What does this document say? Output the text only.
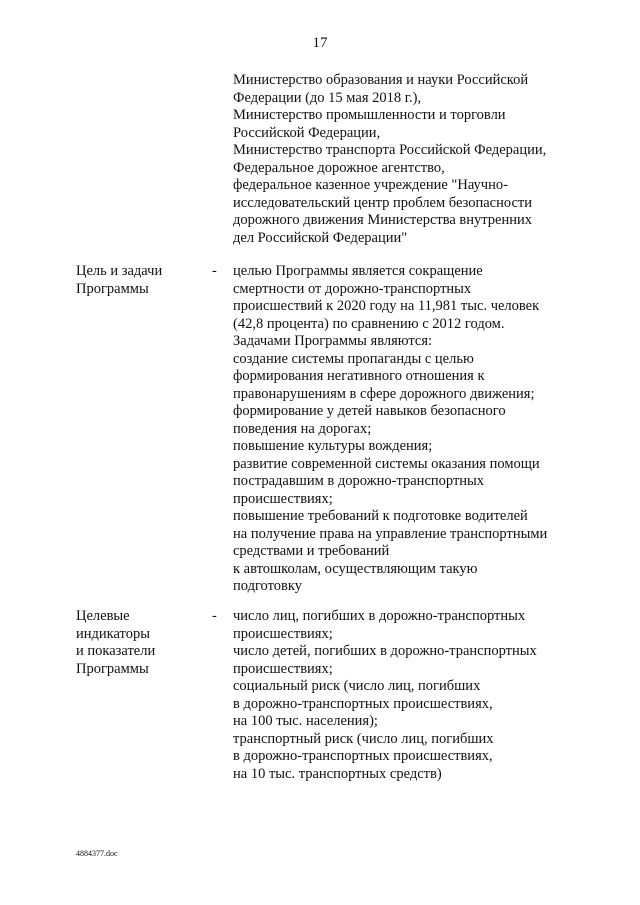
17
Министерство образования и науки Российской
Федерации (до 15 мая 2018 г.),
Министерство промышленности и торговли
Российской Федерации,
Министерство транспорта Российской Федерации,
Федеральное дорожное агентство,
федеральное казенное учреждение "Научно-
исследовательский центр проблем безопасности
дорожного движения Министерства внутренних
дел Российской Федерации"
Цель и задачи
Программы
- целью Программы является сокращение
смертности от дорожно-транспортных
происшествий к 2020 году на 11,981 тыс. человек
(42,8 процента) по сравнению с 2012 годом.
Задачами Программы являются:
создание системы пропаганды с целью
формирования негативного отношения к
правонарушениям в сфере дорожного движения;
формирование у детей навыков безопасного
поведения на дорогах;
повышение культуры вождения;
развитие современной системы оказания помощи
пострадавшим в дорожно-транспортных
происшествиях;
повышение требований к подготовке водителей
на получение права на управление транспортными
средствами и требований
к автошколам, осуществляющим такую
подготовку
Целевые
индикаторы
и показатели
Программы
- число лиц, погибших в дорожно-транспортных
происшествиях;
число детей, погибших в дорожно-транспортных
происшествиях;
социальный риск (число лиц, погибших
в дорожно-транспортных происшествиях,
на 100 тыс. населения);
транспортный риск (число лиц, погибших
в дорожно-транспортных происшествиях,
на 10 тыс. транспортных средств)
4884377.doc
